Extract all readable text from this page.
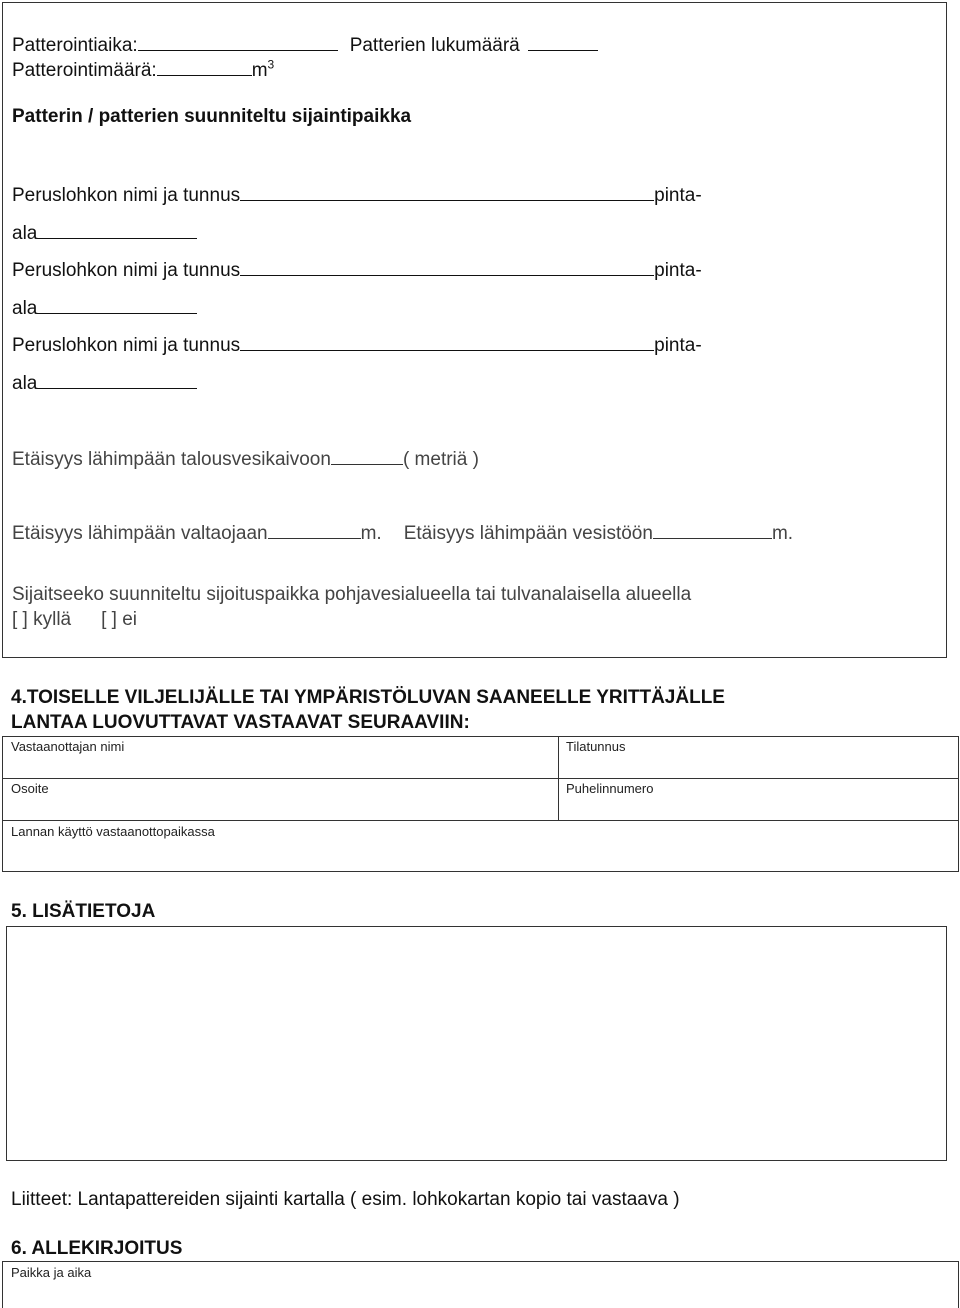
Patterointiaika:	Patterien lukumäärä
Patterointimäärä:	$m^3$
Patterin / patterien suunniteltu sijaintipaikka
Peruslohkon nimi ja tunnus	pinta-
ala
Peruslohkon nimi ja tunnus	pinta-
ala
Peruslohkon nimi ja tunnus	pinta-
ala
Etäisyys lähimpään talousvesikaivoon	( metriä )
Etäisyys lähimpään valtaojaan	m. Etäisyys lähimpään vesistöön	m.
Sijaitseeko suunniteltu sijoituspaikka pohjavesialueella tai tulvanalaisella alueella
[ ] kyllä [ ] ei
4.TOISELLE VILJELIJÄLLE TAI YMPÄRISTÖLUVAN SAANEELLE YRITTÄJÄLLE
LANTAA LUOVUTTAVAT VASTAAVAT SEURAAVIIN:
Vastaanottajan nimi	Tilatunnus
Osoite	Puhelinnumero
Lannan käyttö vastaanottopaikassa
5. LISÄTIETOJA
Liitteet: Lantapattereiden sijainti kartalla ( esim. lohkokartan kopio tai vastaava )
6. ALLEKIRJOITUS
Paikka ja aika
